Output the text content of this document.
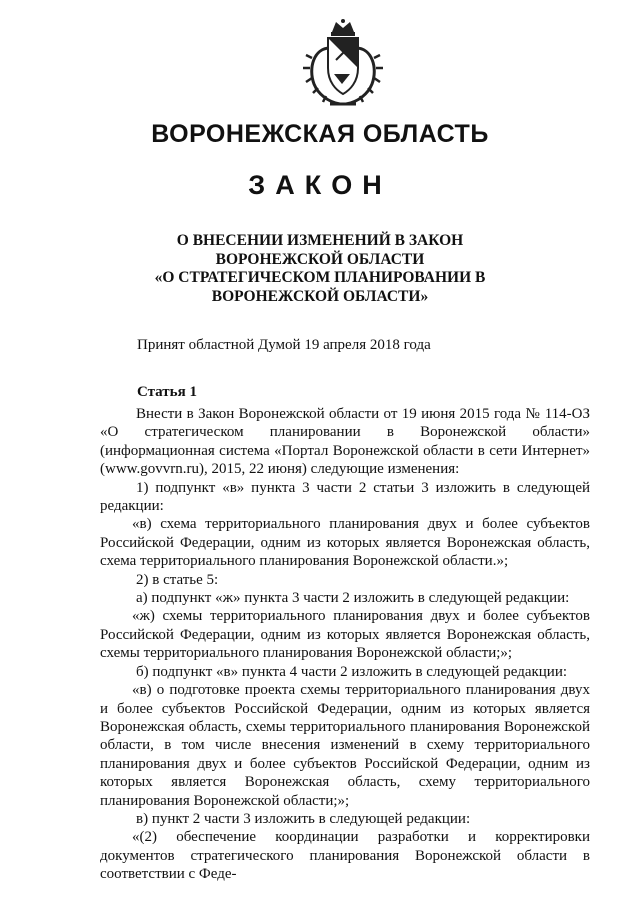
ВОРОНЕЖСКАЯ ОБЛАСТЬ
ЗАКОН
О ВНЕСЕНИИ ИЗМЕНЕНИЙ В ЗАКОН
ВОРОНЕЖСКОЙ ОБЛАСТИ
«О СТРАТЕГИЧЕСКОМ ПЛАНИРОВАНИИ В
ВОРОНЕЖСКОЙ ОБЛАСТИ»
Принят областной Думой 19 апреля 2018 года
Статья 1

Внести в Закон Воронежской области от 19 июня 2015 года № 114-ОЗ «О стратегическом планировании в Воронежской области» (информационная система «Портал Воронежской области в сети Интернет» (www.govvrn.ru), 2015, 22 июня) следующие изменения:

1) подпункт «в» пункта 3 части 2 статьи 3 изложить в следующей редакции:

«в) схема территориального планирования двух и более субъектов Российской Федерации, одним из которых является Воронежская область, схема территориального планирования Воронежской области.»;

2) в статье 5:

а) подпункт «ж» пункта 3 части 2 изложить в следующей редакции:

«ж) схемы территориального планирования двух и более субъектов Российской Федерации, одним из которых является Воронежская область, схемы территориального планирования Воронежской области;»;

б) подпункт «в» пункта 4 части 2 изложить в следующей редакции:

«в) о подготовке проекта схемы территориального планирования двух и более субъектов Российской Федерации, одним из которых является Воронежская область, схемы территориального планирования Воронежской области, в том числе внесения изменений в схему территориального планирования двух и более субъектов Российской Федерации, одним из которых является Воронежская область, схему территориального планирования Воронежской области;»;

в) пункт 2 части 3 изложить в следующей редакции:

«(2) обеспечение координации разработки и корректировки документов стратегического планирования Воронежской области в соответствии с Феде-
